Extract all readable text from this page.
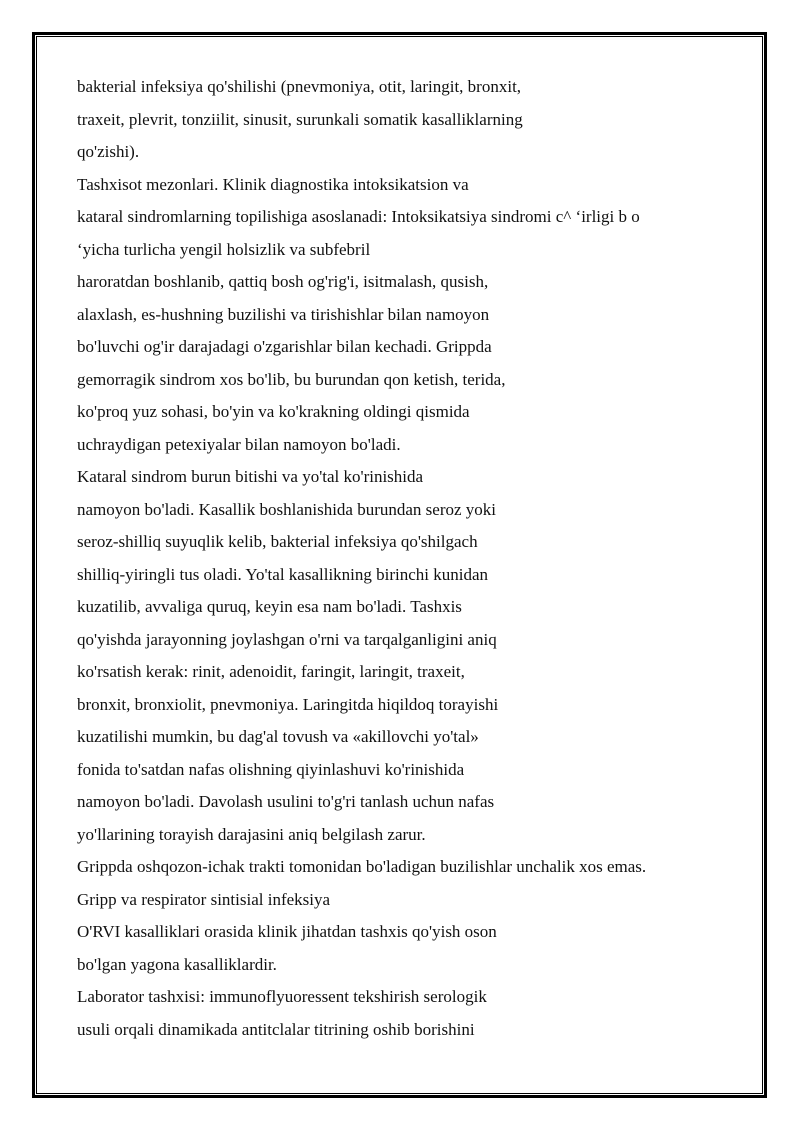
bakterial infeksiya qo'shilishi (pnevmoniya, otit, laringit, bronxit,
traxeit, plevrit, tonziilit, sinusit, surunkali somatik kasalliklarning
qo'zishi).
Tashxisot mezonlari. Klinik diagnostika intoksikatsion va
kataral sindromlarning topilishiga asoslanadi: Intoksikatsiya sindromi c^ ‘irligi b o
‘yicha turlicha yengil holsizlik va subfebril
haroratdan boshlanib, qattiq bosh og'rig'i, isitmalash, qusish,
alaxlash, es-hushning buzilishi va tirishishlar bilan namoyon
bo'luvchi og'ir darajadagi o'zgarishlar bilan kechadi. Grippda
gemorragik sindrom xos bo'lib, bu burundan qon ketish, terida,
ko'proq yuz sohasi, bo'yin va ko'krakning oldingi qismida
uchraydigan petexiyalar bilan namoyon bo'ladi.
Kataral sindrom burun bitishi va yo'tal ko'rinishida
namoyon bo'ladi. Kasallik boshlanishida burundan seroz yoki
seroz-shilliq suyuqlik kelib, bakterial infeksiya qo'shilgach
shilliq-yiringli tus oladi. Yo'tal kasallikning birinchi kunidan
kuzatilib, avvaliga quruq, keyin esa nam bo'ladi. Tashxis
qo'yishda jarayonning joylashgan o'rni va tarqalganligini aniq
ko'rsatish kerak: rinit, adenoidit, faringit, laringit, traxeit,
bronxit, bronxiolit, pnevmoniya. Laringitda hiqildoq torayishi
kuzatilishi mumkin, bu dag'al tovush va «akillovchi yo'tal»
fonida to'satdan nafas olishning qiyinlashuvi ko'rinishida
namoyon bo'ladi. Davolash usulini to'g'ri tanlash uchun nafas
yo'llarining torayish darajasini aniq belgilash zarur.
Grippda oshqozon-ichak trakti tomonidan bo'ladigan buzilishlar unchalik xos emas.
Gripp va respirator sintisial infeksiya
O'RVI kasalliklari orasida klinik jihatdan tashxis qo'yish oson
bo'lgan yagona kasalliklardir.
Laborator tashxisi: immunoflyuoressent tekshirish serologik
usuli orqali dinamikada antitclalar titrining oshib borishini
